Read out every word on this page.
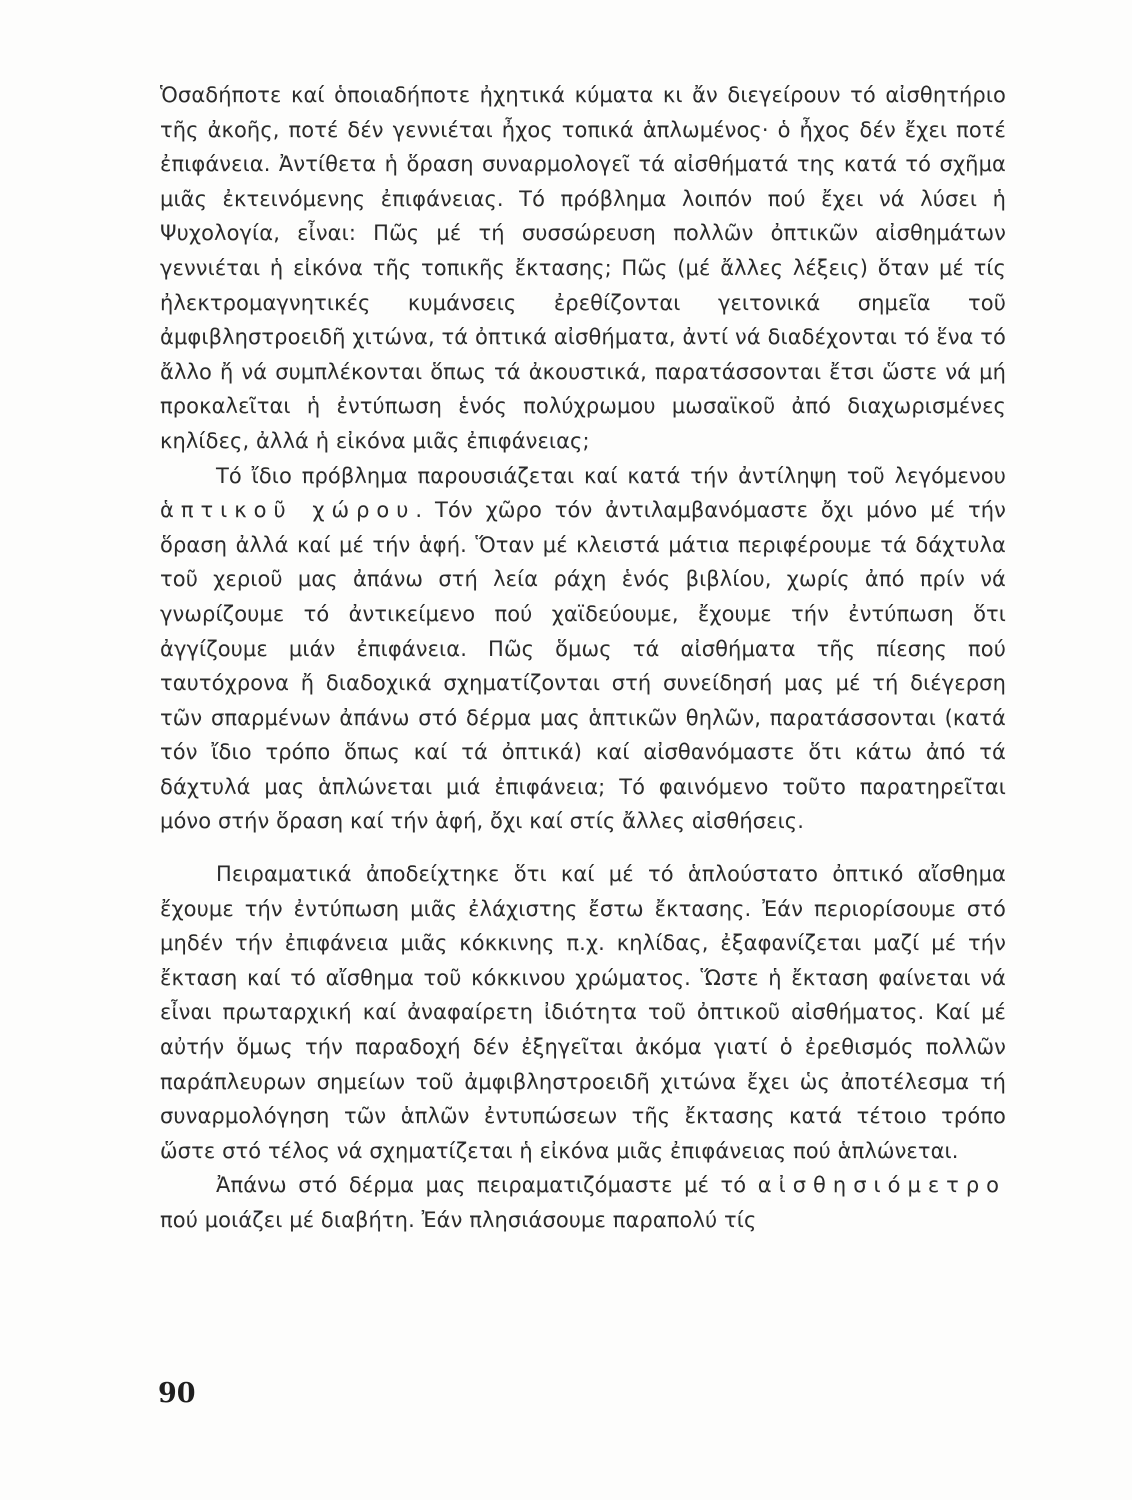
Ὁσαδήποτε καί ὁποιαδήποτε ἠχητικά κύματα κι ἄν διεγείρουν τό αἰσθητήριο τῆς ἀκοῆς, ποτέ δέν γεννιέται ἦχος τοπικά ἁπλωμένος· ὁ ἦχος δέν ἔχει ποτέ ἐπιφάνεια. Ἀντίθετα ἡ ὅραση συναρμολογεῖ τά αἰσθήματά της κατά τό σχῆμα μιᾶς ἐκτεινόμενης ἐπιφάνειας. Τό πρόβλημα λοιπόν πού ἔχει νά λύσει ἡ Ψυχολογία, εἶναι: Πῶς μέ τή συσσώρευση πολλῶν ὀπτικῶν αἰσθημάτων γεννιέται ἡ εἰκόνα τῆς τοπικῆς ἔκτασης; Πῶς (μέ ἄλλες λέξεις) ὅταν μέ τίς ἠλεκτρομαγνητικές κυμάνσεις ἐρεθίζονται γειτονικά σημεῖα τοῦ ἀμφιβληστροειδῆ χιτώνα, τά ὀπτικά αἰσθήματα, ἀντί νά διαδέχονται τό ἕνα τό ἄλλο ἤ νά συμπλέκονται ὅπως τά ἀκουστικά, παρατάσσονται ἔτσι ὥστε νά μή προκαλεῖται ἡ ἐντύπωση ἑνός πολύχρωμου μωσαϊκοῦ ἀπό διαχωρισμένες κηλίδες, ἀλλά ἡ εἰκόνα μιᾶς ἐπιφάνειας;

Τό ἴδιο πρόβλημα παρουσιάζεται καί κατά τήν ἀντίληψη τοῦ λεγόμενου ἁπτικοῦ χώρου. Τόν χῶρο τόν ἀντιλαμβανόμαστε ὄχι μόνο μέ τήν ὅραση ἀλλά καί μέ τήν ἁφή. Ὅταν μέ κλειστά μάτια περιφέρουμε τά δάχτυλα τοῦ χεριοῦ μας ἀπάνω στή λεία ράχη ἑνός βιβλίου, χωρίς ἀπό πρίν νά γνωρίζουμε τό ἀντικείμενο πού χαϊδεύουμε, ἔχουμε τήν ἐντύπωση ὅτι ἀγγίζουμε μιάν ἐπιφάνεια. Πῶς ὅμως τά αἰσθήματα τῆς πίεσης πού ταυτόχρονα ἤ διαδοχικά σχηματίζονται στή συνείδησή μας μέ τή διέγερση τῶν σπαρμένων ἀπάνω στό δέρμα μας ἁπτικῶν θηλῶν, παρατάσσονται (κατά τόν ἴδιο τρόπο ὅπως καί τά ὀπτικά) καί αἰσθανόμαστε ὅτι κάτω ἀπό τά δάχτυλά μας ἁπλώνεται μιά ἐπιφάνεια; Τό φαινόμενο τοῦτο παρατηρεῖται μόνο στήν ὅραση καί τήν ἁφή, ὄχι καί στίς ἄλλες αἰσθήσεις.

Πειραματικά ἀποδείχτηκε ὅτι καί μέ τό ἁπλούστατο ὀπτικό αἴσθημα ἔχουμε τήν ἐντύπωση μιᾶς ἐλάχιστης ἔστω ἔκτασης. Ἐάν περιορίσουμε στό μηδέν τήν ἐπιφάνεια μιᾶς κόκκινης π.χ. κηλίδας, ἐξαφανίζεται μαζί μέ τήν ἔκταση καί τό αἴσθημα τοῦ κόκκινου χρώματος. Ὥστε ἡ ἔκταση φαίνεται νά εἶναι πρωταρχική καί ἀναφαίρετη ἰδιότητα τοῦ ὀπτικοῦ αἰσθήματος. Καί μέ αὐτήν ὅμως τήν παραδοχή δέν ἐξηγεῖται ἀκόμα γιατί ὁ ἐρεθισμός πολλῶν παράπλευρων σημείων τοῦ ἀμφιβληστροειδῆ χιτώνα ἔχει ὡς ἀποτέλεσμα τή συναρμολόγηση τῶν ἁπλῶν ἐντυπώσεων τῆς ἔκτασης κατά τέτοιο τρόπο ὥστε στό τέλος νά σχηματίζεται ἡ εἰκόνα μιᾶς ἐπιφάνειας πού ἁπλώνεται.

Ἀπάνω στό δέρμα μας πειραματιζόμαστε μέ τό αἰσθησιόμετρο πού μοιάζει μέ διαβήτη. Ἐάν πλησιάσουμε παραπολύ τίς

90
